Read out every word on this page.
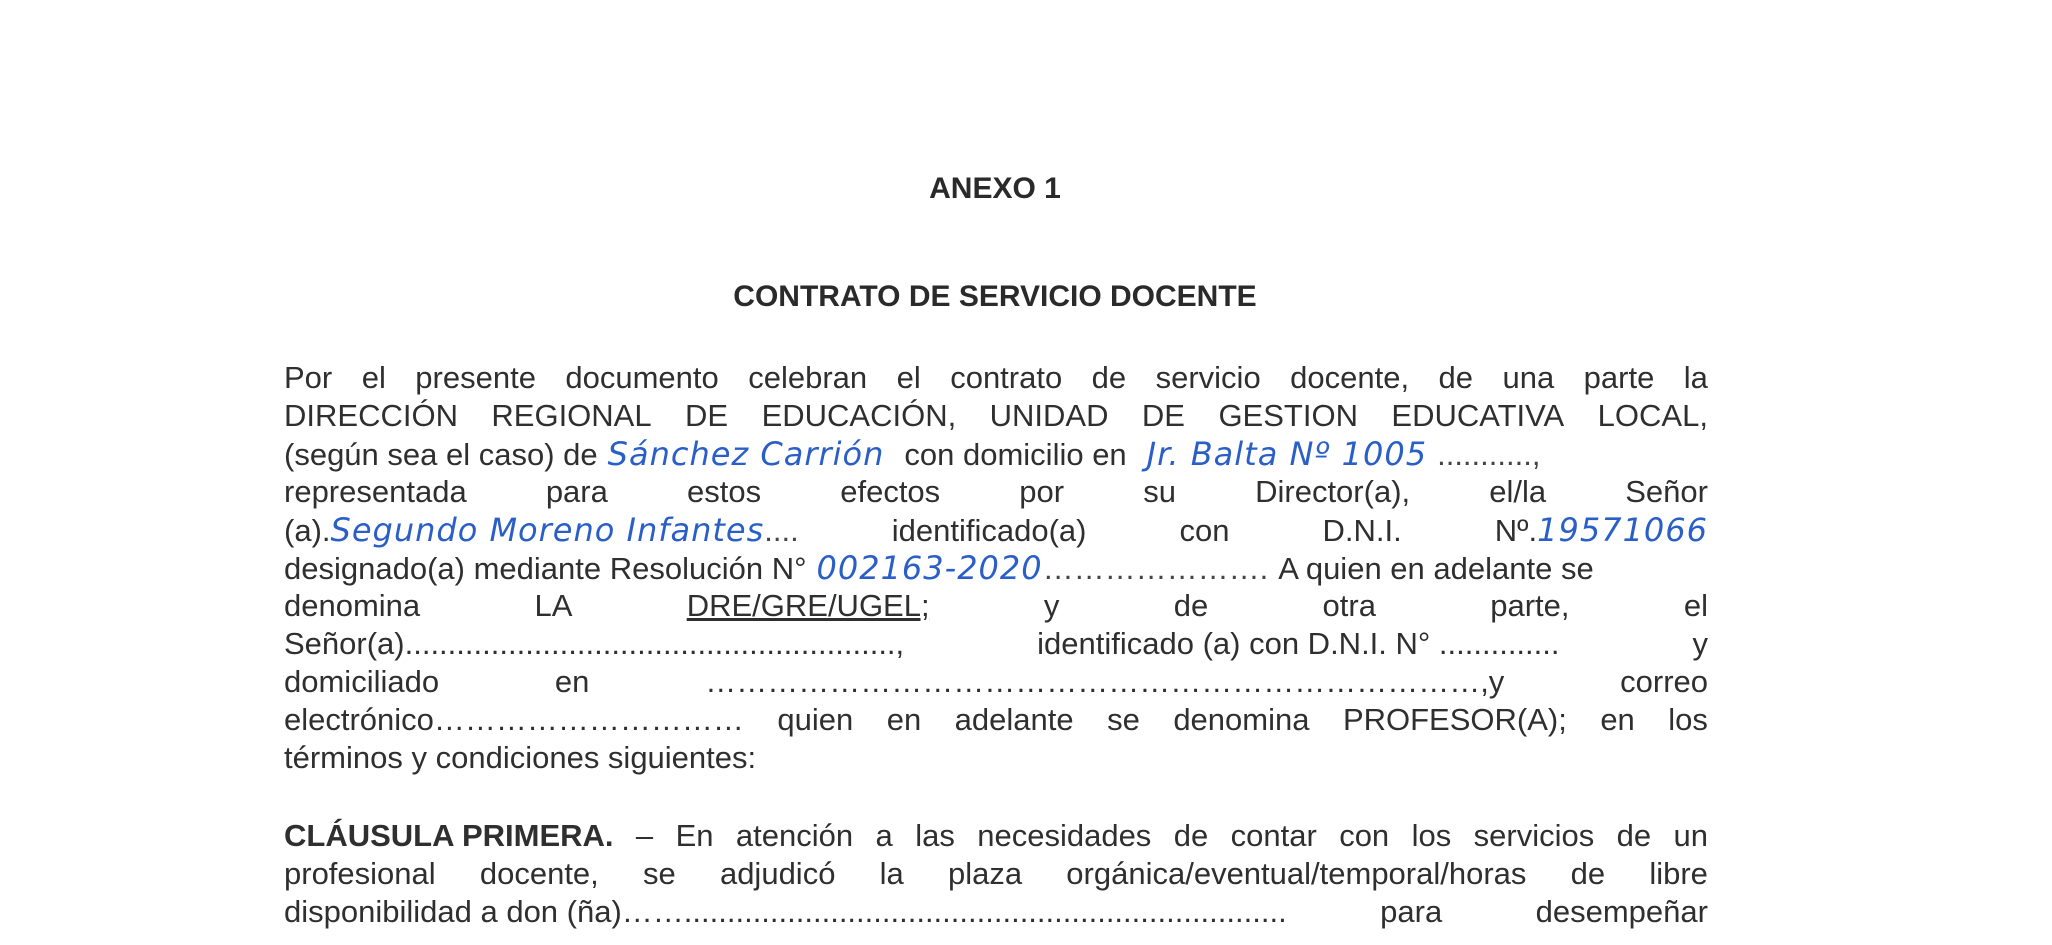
ANEXO 1
CONTRATO DE SERVICIO DOCENTE
Por el presente documento celebran el contrato de servicio docente, de una parte la
DIRECCIÓN REGIONAL DE EDUCACIÓN, UNIDAD DE GESTION EDUCATIVA LOCAL,
(según sea el caso) de Sánchez Carrión con domicilio en Jr. Balta Nº 1005 ...........,
representada	para	estos	efectos	por	su	Director(a),	el/la	Señor
(a).Segundo Moreno Infantes....	identificado(a)	con	D.N.I.	Nº.19571066
designado(a) mediante Resolución N° 002163-2020 …………………. A quien en adelante se
denomina	LA	DRE/GRE/UGEL;	y	de	otra	parte,	el
Señor(a).........................................................,	identificado (a) con D.N.I. N° ..............	y
domiciliado	en	…………………………………………………………………,y	correo
electrónico………………………… quien en adelante se denomina PROFESOR(A); en los
términos y condiciones siguientes:
CLÁUSULA PRIMERA. – En atención a las necesidades de contar con los servicios de un
profesional docente, se adjudicó la plaza orgánica/eventual/temporal/horas de libre
disponibilidad a don (ña)……......................................................................	para	desempeñar
